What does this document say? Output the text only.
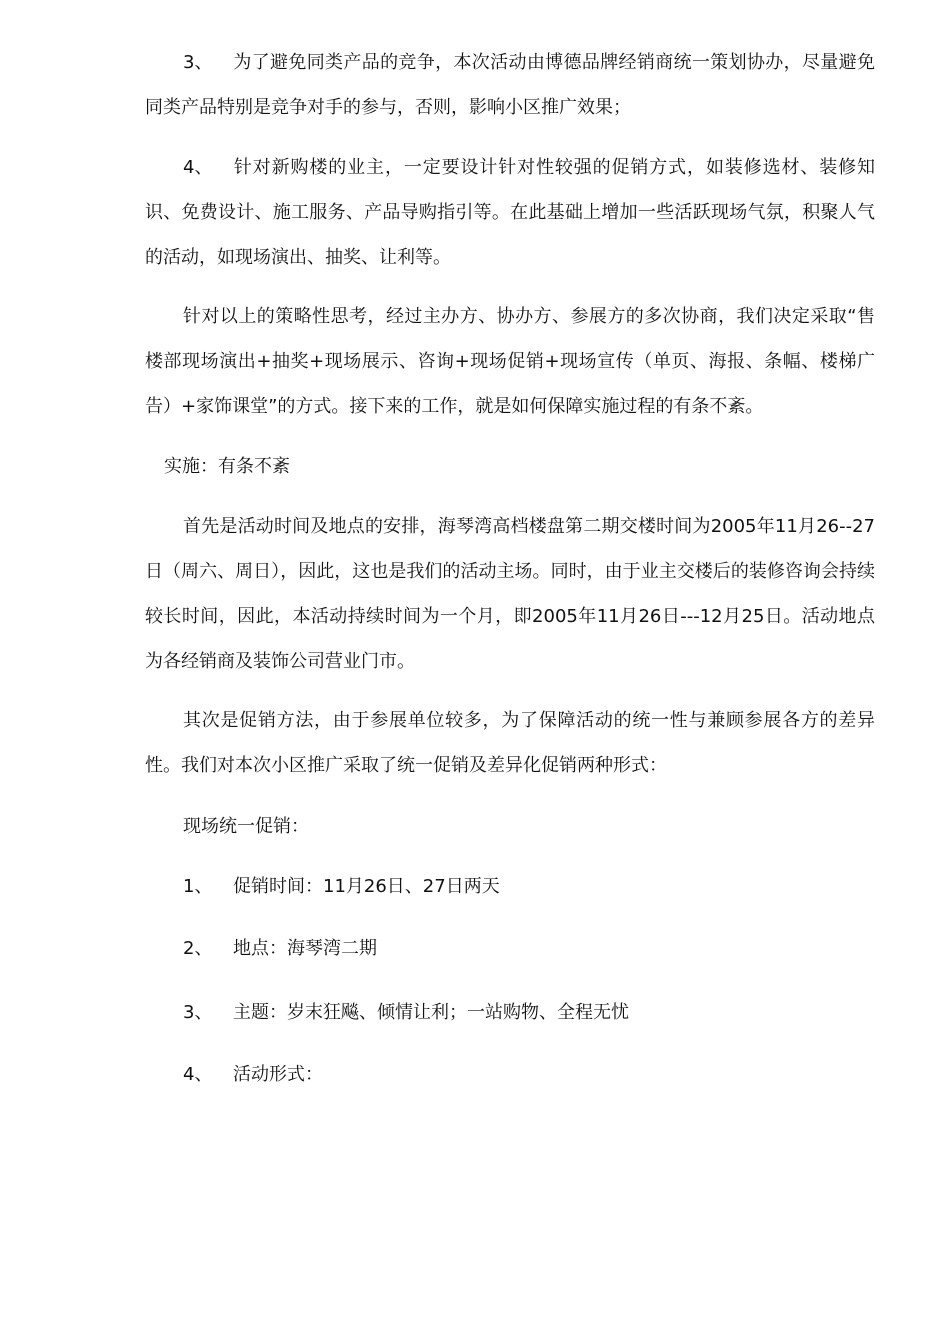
3、 为了避免同类产品的竞争，本次活动由博德品牌经销商统一策划协办，尽量避免同类产品特别是竞争对手的参与，否则，影响小区推广效果；

4、 针对新购楼的业主，一定要设计针对性较强的促销方式，如装修选材、装修知识、免费设计、施工服务、产品导购指引等。在此基础上增加一些活跃现场气氛，积聚人气的活动，如现场演出、抽奖、让利等。

针对以上的策略性思考，经过主办方、协办方、参展方的多次协商，我们决定采取“售楼部现场演出+抽奖+现场展示、咨询+现场促销+现场宣传（单页、海报、条幅、楼梯广告）+家饰课堂”的方式。接下来的工作，就是如何保障实施过程的有条不紊。

实施：有条不紊

首先是活动时间及地点的安排，海琴湾高档楼盘第二期交楼时间为2005年11月26--27日（周六、周日），因此，这也是我们的活动主场。同时，由于业主交楼后的装修咨询会持续较长时间，因此，本活动持续时间为一个月，即2005年11月26日---12月25日。活动地点为各经销商及装饰公司营业门市。

其次是促销方法，由于参展单位较多，为了保障活动的统一性与兼顾参展各方的差异性。我们对本次小区推广采取了统一促销及差异化促销两种形式：

现场统一促销：

1、 促销时间：11月26日、27日两天

2、 地点：海琴湾二期

3、 主题：岁末狂飚、倾情让利；一站购物、全程无忧

4、 活动形式：
